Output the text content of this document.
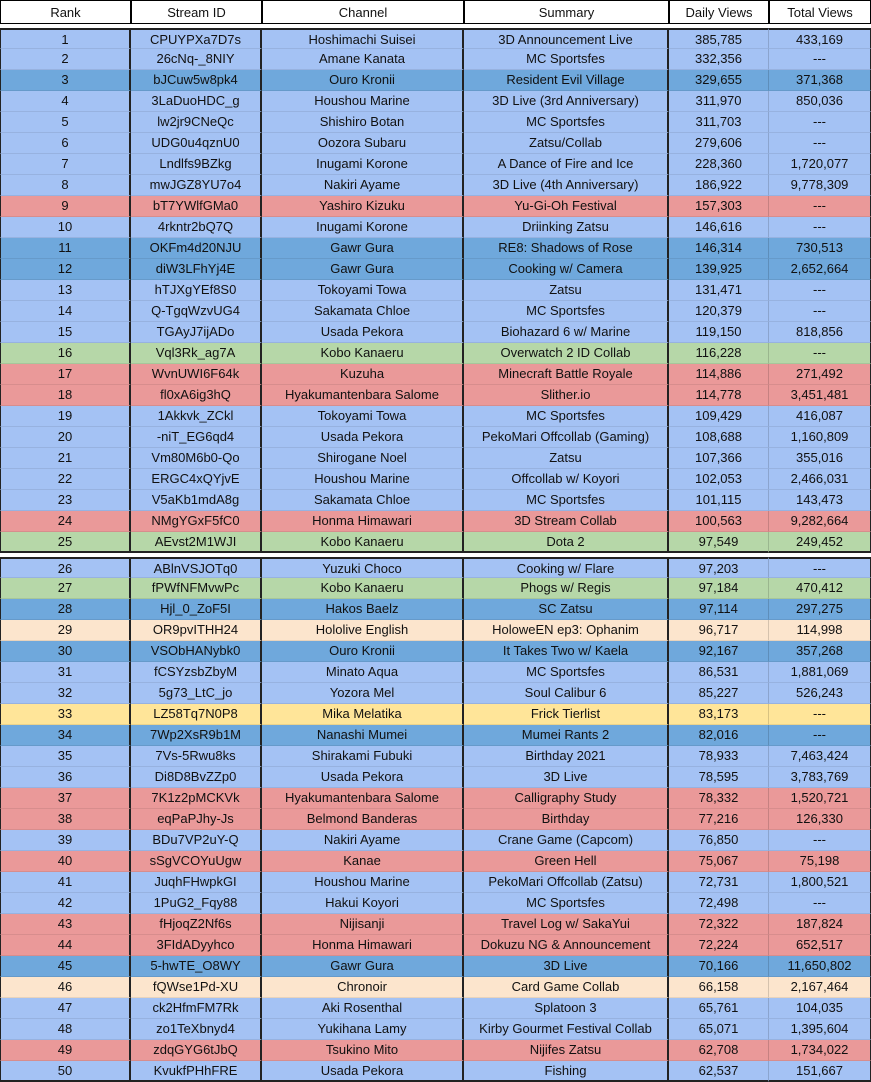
Rank	Stream ID	Channel	Summary	Daily Views	Total Views
1	CPUYPXa7D7s	Hoshimachi Suisei	3D Announcement Live	385,785	433,169
2	26cNq-_8NIY	Amane Kanata	MC Sportsfes	332,356	---
3	bJCuw5w8pk4	Ouro Kronii	Resident Evil Village	329,655	371,368
4	3LaDuoHDC_g	Houshou Marine	3D Live (3rd Anniversary)	311,970	850,036
5	lw2jr9CNeQc	Shishiro Botan	MC Sportsfes	311,703	---
6	UDG0u4qznU0	Oozora Subaru	Zatsu/Collab	279,606	---
7	Lndlfs9BZkg	Inugami Korone	A Dance of Fire and Ice	228,360	1,720,077
8	mwJGZ8YU7o4	Nakiri Ayame	3D Live (4th Anniversary)	186,922	9,778,309
9	bT7YWlfGMa0	Yashiro Kizuku	Yu-Gi-Oh Festival	157,303	---
10	4rkntr2bQ7Q	Inugami Korone	Driinking Zatsu	146,616	---
11	OKFm4d20NJU	Gawr Gura	RE8: Shadows of Rose	146,314	730,513
12	diW3LFhYj4E	Gawr Gura	Cooking w/ Camera	139,925	2,652,664
13	hTJXgYEf8S0	Tokoyami Towa	Zatsu	131,471	---
14	Q-TgqWzvUG4	Sakamata Chloe	MC Sportsfes	120,379	---
15	TGAyJ7ijADo	Usada Pekora	Biohazard 6 w/ Marine	119,150	818,856
16	Vql3Rk_ag7A	Kobo Kanaeru	Overwatch 2 ID Collab	116,228	---
17	WvnUWI6F64k	Kuzuha	Minecraft Battle Royale	114,886	271,492
18	fl0xA6ig3hQ	Hyakumantenbara Salome	Slither.io	114,778	3,451,481
19	1Akkvk_ZCkl	Tokoyami Towa	MC Sportsfes	109,429	416,087
20	-niT_EG6qd4	Usada Pekora	PekoMari Offcollab (Gaming)	108,688	1,160,809
21	Vm80M6b0-Qo	Shirogane Noel	Zatsu	107,366	355,016
22	ERGC4xQYjvE	Houshou Marine	Offcollab w/ Koyori	102,053	2,466,031
23	V5aKb1mdA8g	Sakamata Chloe	MC Sportsfes	101,115	143,473
24	NMgYGxF5fC0	Honma Himawari	3D Stream Collab	100,563	9,282,664
25	AEvst2M1WJI	Kobo Kanaeru	Dota 2	97,549	249,452
26	ABlnVSJOTq0	Yuzuki Choco	Cooking w/ Flare	97,203	---
27	fPWfNFMvwPc	Kobo Kanaeru	Phogs w/ Regis	97,184	470,412
28	Hjl_0_ZoF5I	Hakos Baelz	SC Zatsu	97,114	297,275
29	OR9pvITHH24	Hololive English	HoloweEN ep3: Ophanim	96,717	114,998
30	VSObHANybk0	Ouro Kronii	It Takes Two w/ Kaela	92,167	357,268
31	fCSYzsbZbyM	Minato Aqua	MC Sportsfes	86,531	1,881,069
32	5g73_LtC_jo	Yozora Mel	Soul Calibur 6	85,227	526,243
33	LZ58Tq7N0P8	Mika Melatika	Frick Tierlist	83,173	---
34	7Wp2XsR9b1M	Nanashi Mumei	Mumei Rants 2	82,016	---
35	7Vs-5Rwu8ks	Shirakami Fubuki	Birthday 2021	78,933	7,463,424
36	Di8D8BvZZp0	Usada Pekora	3D Live	78,595	3,783,769
37	7K1z2pMCKVk	Hyakumantenbara Salome	Calligraphy Study	78,332	1,520,721
38	eqPaPJhy-Js	Belmond Banderas	Birthday	77,216	126,330
39	BDu7VP2uY-Q	Nakiri Ayame	Crane Game (Capcom)	76,850	---
40	sSgVCOYuUgw	Kanae	Green Hell	75,067	75,198
41	JuqhFHwpkGI	Houshou Marine	PekoMari Offcollab (Zatsu)	72,731	1,800,521
42	1PuG2_Fqy88	Hakui Koyori	MC Sportsfes	72,498	---
43	fHjoqZ2Nf6s	Nijisanji	Travel Log w/ SakaYui	72,322	187,824
44	3FIdADyyhco	Honma Himawari	Dokuzu NG & Announcement	72,224	652,517
45	5-hwTE_O8WY	Gawr Gura	3D Live	70,166	11,650,802
46	fQWse1Pd-XU	Chronoir	Card Game Collab	66,158	2,167,464
47	ck2HfmFM7Rk	Aki Rosenthal	Splatoon 3	65,761	104,035
48	zo1TeXbnyd4	Yukihana Lamy	Kirby Gourmet Festival Collab	65,071	1,395,604
49	zdqGYG6tJbQ	Tsukino Mito	Nijifes Zatsu	62,708	1,734,022
50	KvukfPHhFRE	Usada Pekora	Fishing	62,537	151,667
